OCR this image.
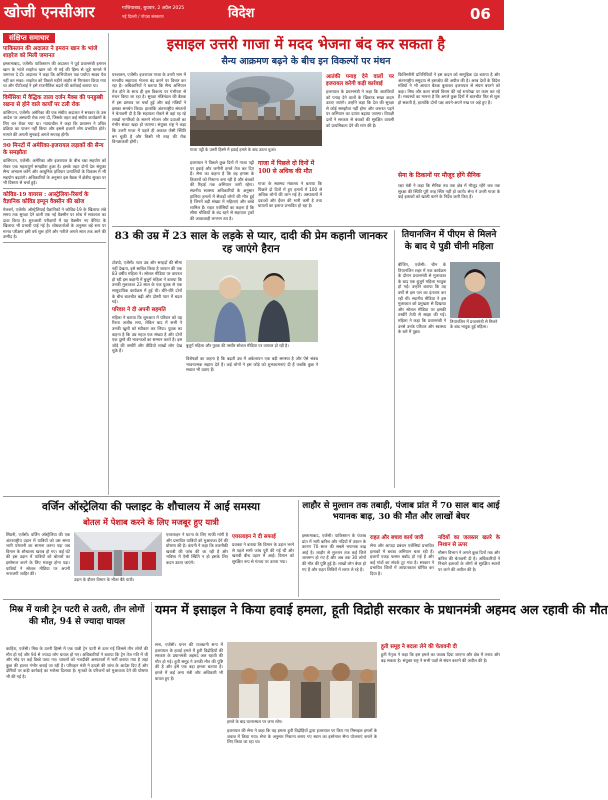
खोजी एनसीआर	गाजियाबाद, बुधवार, 2 अप्रैल 2025
नई दिल्ली / नोएडा संस्करण	विदेश	06
संक्षिप्त समाचार
पाकिस्तान की अदालत ने इमरान खान के भांजे शाहरेज को मिली जमानत

इस्लामाबाद, एजेंसी। पाकिस्तान की अदालत ने पूर्व प्रधानमंत्री इमरान खान के भांजे शाहरेज खान को नौ मई की हिंसा से जुड़े मामले में जमानत दे दी। अदालत ने कहा कि अभियोजन पक्ष पर्याप्त साक्ष्य पेश नहीं कर सका। शाहरेज को पिछले महीने लाहौर से गिरफ्तार किया गया था और पीटीआई ने इसे राजनीतिक बदले की कार्रवाई बताया था।

विमेंसिया में वैद्धिक ताला दर्जन मैक्स की पनडुब्बी रखना से होने वाले कार्यों पर टली रोक

वाशिंगटन, एजेंसी। अमेरिका की एक संघीय अदालत ने सरकार के उस आदेश पर अस्थायी रोक लगा दी, जिसके तहत कई संघीय कार्यक्रमों के लिए धन रोका गया था। न्यायाधीश ने कहा कि प्रशासन ने उचित प्रक्रिया का पालन नहीं किया और इससे हजारों लोग प्रभावित होते। मामले की अगली सुनवाई अगले सप्ताह होगी।

90 मिनटों में अमेरिका-इजरायल लड़ाकों की सैन्य के समझौता

वाशिंगटन, एजेंसी। अमेरिका और इजरायल के बीच रक्षा सहयोग को लेकर एक महत्वपूर्ण समझौता हुआ है। इसके तहत दोनों देश संयुक्त सैन्य अभ्यास करेंगे और आधुनिक हथियार प्रणालियों के विकास में भी सहयोग बढ़ाएंगे। अधिकारियों के अनुसार इस बैठक में क्षेत्रीय सुरक्षा पर भी विस्तार से चर्चा हुई।

कोविड-19 वायरस : आस्ट्रेलिया-रिसर्च के वैज्ञानिक कोविड इम्यून वैक्सीन की खोज

मेलबर्न, एजेंसी। ऑस्ट्रेलियाई वैज्ञानिकों ने कोविड-19 के खिलाफ लंबे समय तक सुरक्षा देने वाली एक नई वैक्सीन पर शोध में सफलता का दावा किया है। शुरुआती परीक्षणों में यह वैक्सीन नए वेरिएंट के खिलाफ भी प्रभावी पाई गई है। शोधकर्ताओं के अनुसार बड़े स्तर पर मानव परीक्षण इसी वर्ष शुरू होंगे और नतीजे अगले साल तक आने की उम्मीद है।

इसाइल उत्तरी गाजा में मदद भेजना बंद कर सकता है
सैन्य आक्रमण बढ़ने के बीच इन विकल्पों पर मंथन
यरुशलम, एजेंसी। इजरायल गाजा के उत्तरी भाग में मानवीय सहायता भेजना बंद करने पर विचार कर रहा है। अधिकारियों ने बताया कि सैन्य अभियान तेज होने के साथ ही इस विकल्प पर गंभीरता से मंथन किया जा रहा है। सुरक्षा मंत्रिमंडल की बैठक में इस प्रस्ताव पर चर्चा हुई और कई मंत्रियों ने इसका समर्थन किया। हालांकि अंतरराष्ट्रीय संगठनों ने चेतावनी दी है कि सहायता रोकने से वहां रह रहे लाखों नागरिकों के सामने भोजन और दवाओं का गंभीर संकट खड़ा हो जाएगा। संयुक्त राष्ट्र ने कहा कि उत्तरी गाजा में पहले ही अकाल जैसी स्थिति बन चुकी है और किसी भी तरह की रोक विनाशकारी होगी।
गाजा पट्टी के उत्तरी हिस्से में हवाई हमले के बाद उठता धुआं।
इजरायल ने पिछले कुछ दिनों में गाजा पट्टी पर हवाई और जमीनी हमले तेज कर दिए हैं। सेना का कहना है कि वह हमास के ठिकानों को निशाना बना रही है और बंधकों की रिहाई तक अभियान जारी रहेगा। स्थानीय स्वास्थ्य अधिकारियों के अनुसार हालिया हमलों में सैकड़ों लोगों की मौत हुई है जिनमें बड़ी संख्या में महिलाएं और बच्चे शामिल हैं। राहत एजेंसियों का कहना है कि सीमा चौकियों के बंद रहने से सहायता ट्रकों की आवाजाही लगभग ठप है।
गाजा में पिछले दो दिनों में 100 से अधिक की मौत
गाजा के स्वास्थ्य मंत्रालय ने बताया कि पिछले दो दिनों में हुए हमलों में 100 से अधिक लोगों की जान गई है। अस्पतालों में दवाओं और ईंधन की भारी कमी है तथा घायलों का इलाज प्रभावित हो रहा है।
आतंकी पनाह देने वालों पर इजरायल करेगी कड़ी कार्रवाई
इजरायल के प्रधानमंत्री ने कहा कि आतंकियों को पनाह देने वालों के खिलाफ सख्त कदम उठाए जाएंगे। उन्होंने कहा कि देश की सुरक्षा से कोई समझौता नहीं होगा और जरूरत पड़ने पर अभियान का दायरा बढ़ाया जाएगा। विपक्षी दलों ने सरकार से बंधकों की सुरक्षित वापसी को प्राथमिकता देने की मांग की है।
फिलिस्तीनी प्रतिनिधियों ने इस कदम को सामूहिक दंड बताया है और अंतरराष्ट्रीय समुदाय से हस्तक्षेप की अपील की है। अरब देशों के विदेश मंत्रियों ने भी आपात बैठक बुलाकर इजरायल से संयम बरतने को कहा। मिस्र और कतर संघर्ष विराम की नई रूपरेखा पर काम कर रहे हैं। मध्यस्थों का मानना है कि अगले कुछ दिनों में बातचीत फिर से शुरू हो सकती है, हालांकि दोनों पक्ष अपने-अपने रुख पर अड़े हुए हैं।
सेना के ठिकानों पर मौजूद होंगे सैनिक
रक्षा मंत्री ने कहा कि सैनिक तब तक क्षेत्र में मौजूद रहेंगे जब तक सुरक्षा की स्थिति पूरी तरह स्थिर नहीं हो जाती। सेना ने उत्तरी गाजा के कई इलाकों को खाली करने के निर्देश जारी किए हैं।
83 की उम्र में 23 साल के लड़के से प्यार, दादी की प्रेम कहानी जानकर रह जाएंगे हैरान
टोक्यो, एजेंसी। प्यार उम्र और सरहदों की सीमा नहीं देखता, इसे साबित किया है जापान की एक 83 वर्षीय महिला ने। सोशल मीडिया पर वायरल हो रही इस कहानी में बुजुर्ग महिला ने बताया कि उनकी मुलाकात 23 साल के एक युवक से एक सामुदायिक कार्यक्रम में हुई थी। धीरे-धीरे दोनों के बीच बातचीत बढ़ी और दोस्ती प्यार में बदल गई।
परिवार ने दी अपनी सहमति
महिला ने बताया कि शुरुआत में परिवार को यह रिश्ता अजीब लगा, लेकिन बाद में सभी ने उनकी खुशी को स्वीकार कर लिया। युवक का कहना है कि उम्र महज एक संख्या है और दोनों एक दूसरे की भावनाओं का सम्मान करते हैं। इस जोड़े की तस्वीरें और वीडियो लाखों लोग देख चुके हैं।
बुजुर्ग महिला और युवक की तस्वीर सोशल मीडिया पर वायरल हो रही है।
विशेषज्ञों का कहना है कि बढ़ती उम्र में अकेलापन एक बड़ी समस्या है और ऐसे संबंध भावनात्मक सहारा देते हैं। कई लोगों ने इस जोड़े को शुभकामनाएं दी हैं जबकि कुछ ने सवाल भी उठाए हैं।
तियानजिन में पीएम से मिलने के बाद ये पुडी चीनी महिला
बीजिंग, एजेंसी। चीन के तियानजिन शहर में एक कार्यक्रम के दौरान प्रधानमंत्री से मुलाकात के बाद एक बुजुर्ग महिला भावुक हो गईं। उन्होंने बताया कि वह वर्षों से इस पल का इंतजार कर रही थीं। स्थानीय मीडिया ने इस मुलाकात को प्रमुखता से दिखाया और सोशल मीडिया पर इसकी तस्वीरें तेजी से साझा की गईं। महिला ने कहा कि प्रधानमंत्री ने उनसे उनके परिवार और स्वास्थ्य के बारे में पूछा।
तियानजिन में प्रधानमंत्री से मिलने के बाद भावुक हुई महिला।
वर्जिन ऑस्ट्रेलिया की फ्लाइट के शौचालय में आई समस्या
बोतल में पेशाब करने के लिए मजबूर हुए यात्री
सिडनी, एजेंसी। वर्जिन ऑस्ट्रेलिया की एक अंतरराष्ट्रीय उड़ान में यात्रियों को उस समय भारी परेशानी का सामना करना पड़ा जब विमान के शौचालय खराब हो गए। कई घंटे की इस उड़ान में यात्रियों को बोतलों का इस्तेमाल करने के लिए मजबूर होना पड़ा। यात्रियों ने सोशल मीडिया पर अपनी नाराजगी जाहिर की।
उड़ान के दौरान विमान के भीतर बैठे यात्री।
एयरलाइन ने घटना के लिए माफी मांगी है और प्रभावित यात्रियों को मुआवजा देने की घोषणा की है। कंपनी ने कहा कि तकनीकी खराबी की जांच की जा रही है और भविष्य में ऐसी स्थिति न हो इसके लिए कदम उठाए जाएंगे।
एयरलाइन ने दी सफाई
प्रवक्ता ने बताया कि विमान के उड़ान भरने से पहले सभी जांच पूरी की गई थीं और खराबी बीच उड़ान में आई। विमान को सुरक्षित रूप से गंतव्य पर उतारा गया।
लाहौर से मुल्तान तक तबाही, पंजाब प्रांत में 70 साल बाद आई भयानक बाढ़, 30 की मौत और लाखों बेघर
इस्लामाबाद, एजेंसी। पाकिस्तान के पंजाब प्रांत में भारी बारिश और नदियों में उफान के कारण 70 साल की सबसे भयानक बाढ़ आई है। लाहौर से मुल्तान तक कई जिले जलमग्न हो गए हैं और अब तक 30 लोगों की मौत की पुष्टि हुई है। लाखों लोग बेघर हो गए हैं और राहत शिविरों में शरण ले रहे हैं।
राहत और बचाव कार्य जारी
सेना और आपदा प्रबंधन एजेंसियां प्रभावित इलाकों में बचाव अभियान चला रही हैं। हजारों एकड़ फसल बर्बाद हो गई है और कई गांवों का संपर्क टूट गया है। सरकार ने प्रभावित जिलों में आपातकाल घोषित कर दिया है।
नदियों का जलस्तर खतरे के निशान से ऊपर
मौसम विभाग ने अगले कुछ दिनों तक और बारिश की चेतावनी दी है। अधिकारियों ने निचले इलाकों के लोगों से सुरक्षित स्थानों पर जाने की अपील की है।
मिस्र में यात्री ट्रेन पटरी से उतरी, तीन लोगों की मौत, 94 से ज्यादा घायल
काहिरा, एजेंसी। मिस्र के उत्तरी हिस्से में एक यात्री ट्रेन पटरी से उतर गई जिससे तीन लोगों की मौत हो गई और 94 से ज्यादा लोग घायल हो गए। अधिकारियों ने बताया कि ट्रेन तेज गति में थी और मोड़ पर कई डिब्बे पलट गए। घायलों को नजदीकी अस्पतालों में भर्ती कराया गया है जहां कुछ की हालत गंभीर बताई जा रही है। परिवहन मंत्री ने हादसे की जांच के आदेश दिए हैं और दोषियों पर कड़ी कार्रवाई का भरोसा दिलाया है। मृतकों के परिजनों को मुआवजा देने की घोषणा भी की गई है।
यमन में इसाइल ने किया हवाई हमला, हूती विद्रोही सरकार के प्रधानमंत्री अहमद अल रहावी की मौत
सना, एजेंसी। यमन की राजधानी सना में इजरायल के हवाई हमले में हूती विद्रोहियों की सरकार के प्रधानमंत्री अहमद अल रहावी की मौत हो गई। हूती समूह ने उनकी मौत की पुष्टि की है और इसे एक बड़ा हमला बताया है। हमले में कई अन्य मंत्री और अधिकारी भी घायल हुए हैं।
हमले के बाद घटनास्थल पर जमा लोग।
इजरायल की सेना ने कहा कि यह हमला हूती विद्रोहियों द्वारा इजरायल पर किए गए मिसाइल हमलों के जवाब में किया गया। सेना के अनुसार निशाना बनाए गए स्थान का इस्तेमाल सैन्य योजनाएं बनाने के लिए किया जा रहा था।
हूती समूह ने बदला लेने की चेतावनी दी
हूती नेतृत्व ने कहा कि इस हमले का जवाब दिया जाएगा और क्षेत्र में तनाव और बढ़ सकता है। संयुक्त राष्ट्र ने सभी पक्षों से संयम बरतने की अपील की है।
